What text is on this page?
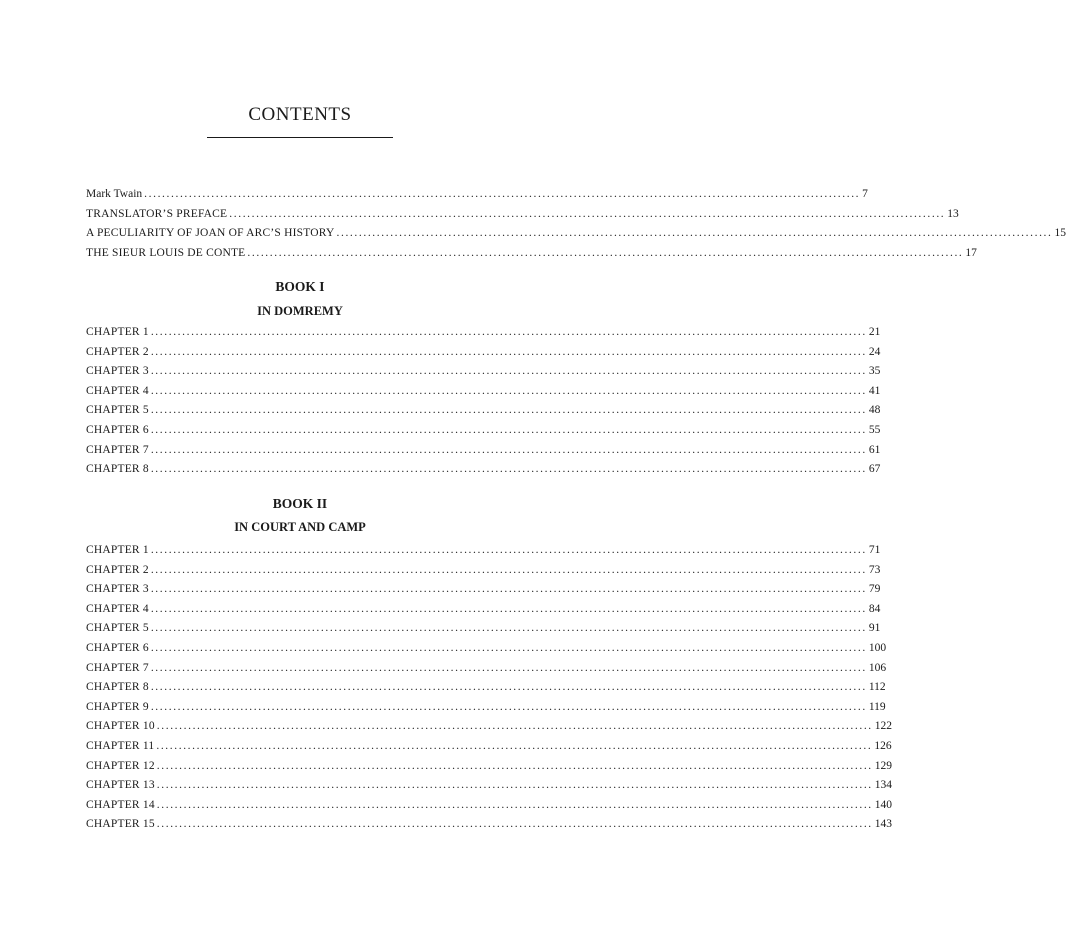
CONTENTS
Mark Twain ................................................................................................................................................................ 7
TRANSLATOR’S PREFACE ................................................................................................................................................................ 13
A PECULIARITY OF JOAN OF ARC’S HISTORY ................................................................................................................................................................ 15
THE SIEUR LOUIS DE CONTE ................................................................................................................................................................ 17
BOOK I
IN DOMREMY
CHAPTER 1 ................................................................................................................................................................ 21
CHAPTER 2 ................................................................................................................................................................ 24
CHAPTER 3 ................................................................................................................................................................ 35
CHAPTER 4 ................................................................................................................................................................ 41
CHAPTER 5 ................................................................................................................................................................ 48
CHAPTER 6 ................................................................................................................................................................ 55
CHAPTER 7 ................................................................................................................................................................ 61
CHAPTER 8 ................................................................................................................................................................ 67
BOOK II
IN COURT AND CAMP
CHAPTER 1 ................................................................................................................................................................ 71
CHAPTER 2 ................................................................................................................................................................ 73
CHAPTER 3 ................................................................................................................................................................ 79
CHAPTER 4 ................................................................................................................................................................ 84
CHAPTER 5 ................................................................................................................................................................ 91
CHAPTER 6 ................................................................................................................................................................ 100
CHAPTER 7 ................................................................................................................................................................ 106
CHAPTER 8 ................................................................................................................................................................ 112
CHAPTER 9 ................................................................................................................................................................ 119
CHAPTER 10 ................................................................................................................................................................ 122
CHAPTER 11 ................................................................................................................................................................ 126
CHAPTER 12 ................................................................................................................................................................ 129
CHAPTER 13 ................................................................................................................................................................ 134
CHAPTER 14 ................................................................................................................................................................ 140
CHAPTER 15 ................................................................................................................................................................ 143
